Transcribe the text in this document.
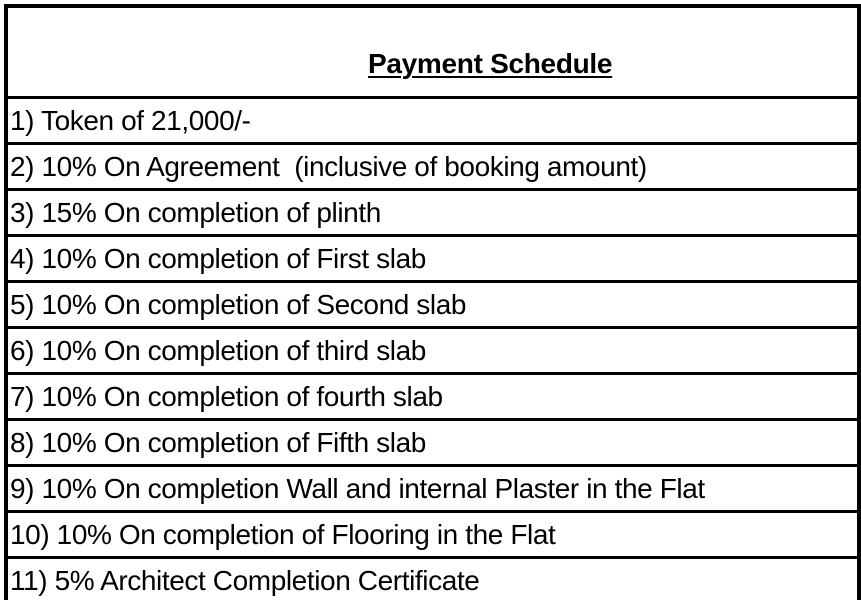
Payment Schedule
1) Token of 21,000/-
2) 10% On Agreement  (inclusive of booking amount)
3) 15% On completion of plinth
4) 10% On completion of First slab
5) 10% On completion of Second slab
6) 10% On completion of third slab
7) 10% On completion of fourth slab
8) 10% On completion of Fifth slab
9) 10% On completion Wall and internal Plaster in the Flat
10) 10% On completion of Flooring in the Flat
11) 5% Architect Completion Certificate
